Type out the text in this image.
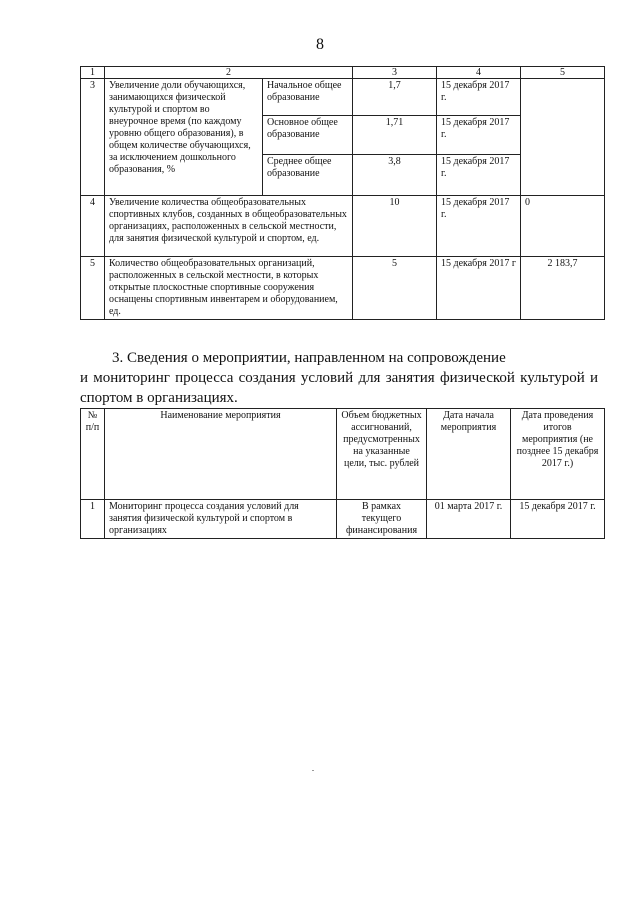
8
1	2		3	4	5
3	Увеличение доли обучающихся, занимающихся физической культурой и спортом во внеурочное время (по каждому уровню общего образования), в общем количестве обучающихся, за исключением дошкольного образования, %	Начальное общее образование	1,7	15 декабря 2017 г.	
		Основное общее образование	1,71	15 декабря 2017 г.	
		Среднее общее образование	3,8	15 декабря 2017 г.	
4	Увеличение количества общеобразовательных спортивных клубов, созданных в общеобразовательных организациях, расположенных в сельской местности, для занятия физической культурой и спортом, ед.		10	15 декабря 2017 г.	0
5	Количество общеобразовательных организаций, расположенных в сельской местности, в которых открытые плоскостные спортивные сооружения оснащены спортивным инвентарем и оборудованием, ед.		5	15 декабря 2017 г	2 183,7
3. Сведения о мероприятии, направленном на сопровождение
и мониторинг процесса создания условий для занятия физической культурой и спортом в организациях.
№ п/п	Наименование мероприятия	Объем бюджетных ассигнований, предусмотренных на указанные цели, тыс. рублей	Дата начала мероприятия	Дата проведения итогов мероприятия (не позднее 15 декабря 2017 г.)
1	Мониторинг процесса создания условий для занятия физической культурой и спортом в организациях	В рамках текущего финансирования	01 марта 2017 г.	15 декабря 2017 г.
